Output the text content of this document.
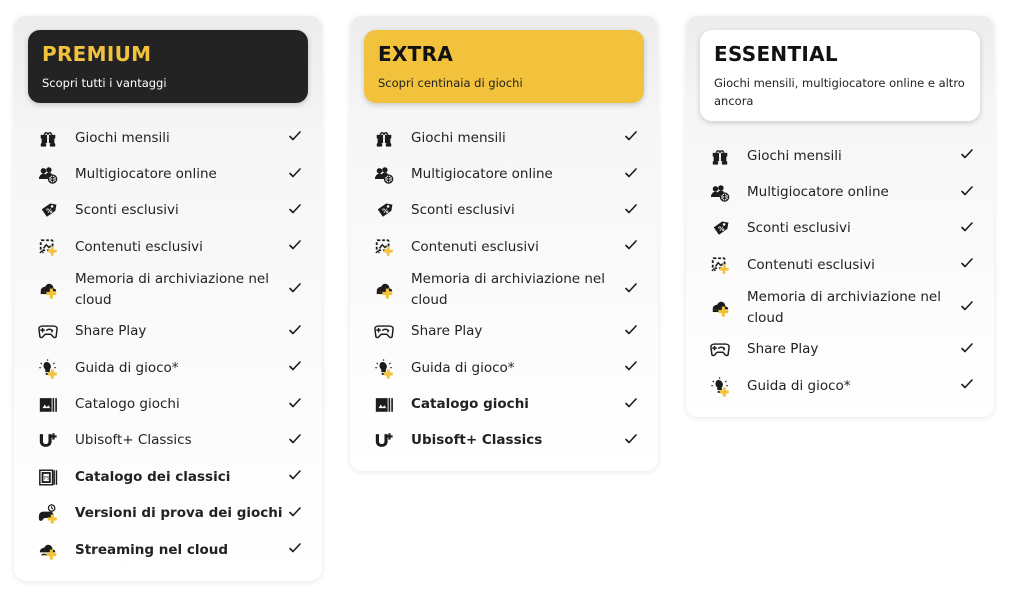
PREMIUM
Scopri tutti i vantaggi
Giochi mensili
Multigiocatore online
%	Sconti esclusivi
Contenuti esclusivi
Memoria di archiviazione nel cloud
Share Play
Guida di gioco*
Catalogo giochi
Ubisoft+ Classics
PS	Catalogo dei classici
Versioni di prova dei giochi
Streaming nel cloud
EXTRA
Scopri centinaia di giochi
Giochi mensili
Multigiocatore online
%	Sconti esclusivi
Contenuti esclusivi
Memoria di archiviazione nel cloud
Share Play
Guida di gioco*
Catalogo giochi
Ubisoft+ Classics
ESSENTIAL
Giochi mensili, multigiocatore online e altro ancora
Giochi mensili
Multigiocatore online
%	Sconti esclusivi
Contenuti esclusivi
Memoria di archiviazione nel cloud
Share Play
Guida di gioco*
